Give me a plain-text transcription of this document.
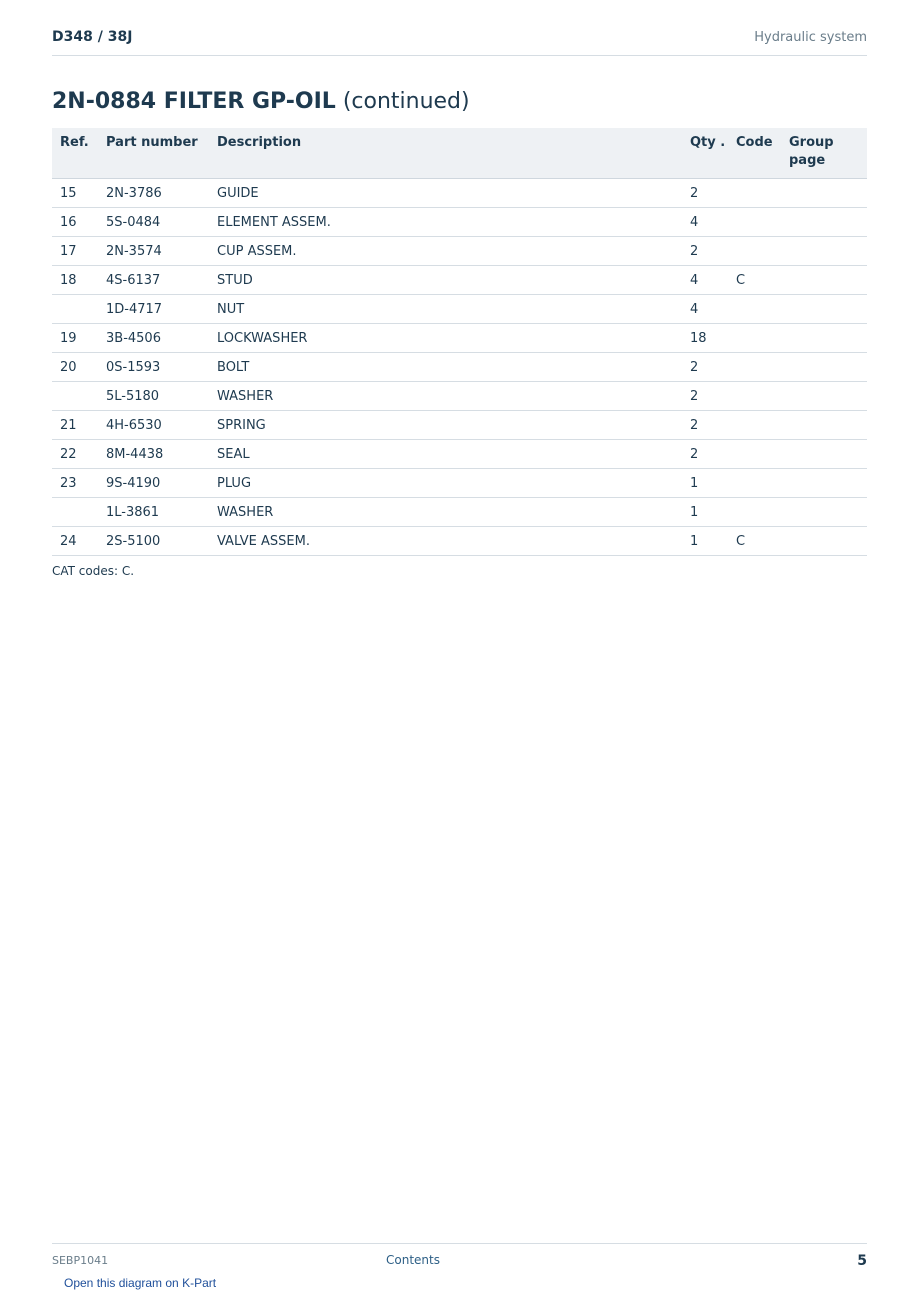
D348 / 38J	Hydraulic system
2N-0884 FILTER GP-OIL (continued)
Ref.	Part number	Description	Qty .	Code	Group page
15	2N-3786	GUIDE	2		
16	5S-0484	ELEMENT ASSEM.	4		
17	2N-3574	CUP ASSEM.	2		
18	4S-6137	STUD	4	C	
	1D-4717	NUT	4		
19	3B-4506	LOCKWASHER	18		
20	0S-1593	BOLT	2		
	5L-5180	WASHER	2		
21	4H-6530	SPRING	2		
22	8M-4438	SEAL	2		
23	9S-4190	PLUG	1		
	1L-3861	WASHER	1		
24	2S-5100	VALVE ASSEM.	1	C	
CAT codes: C.
SEBP1041	Contents	5
Open this diagram on K-Part
